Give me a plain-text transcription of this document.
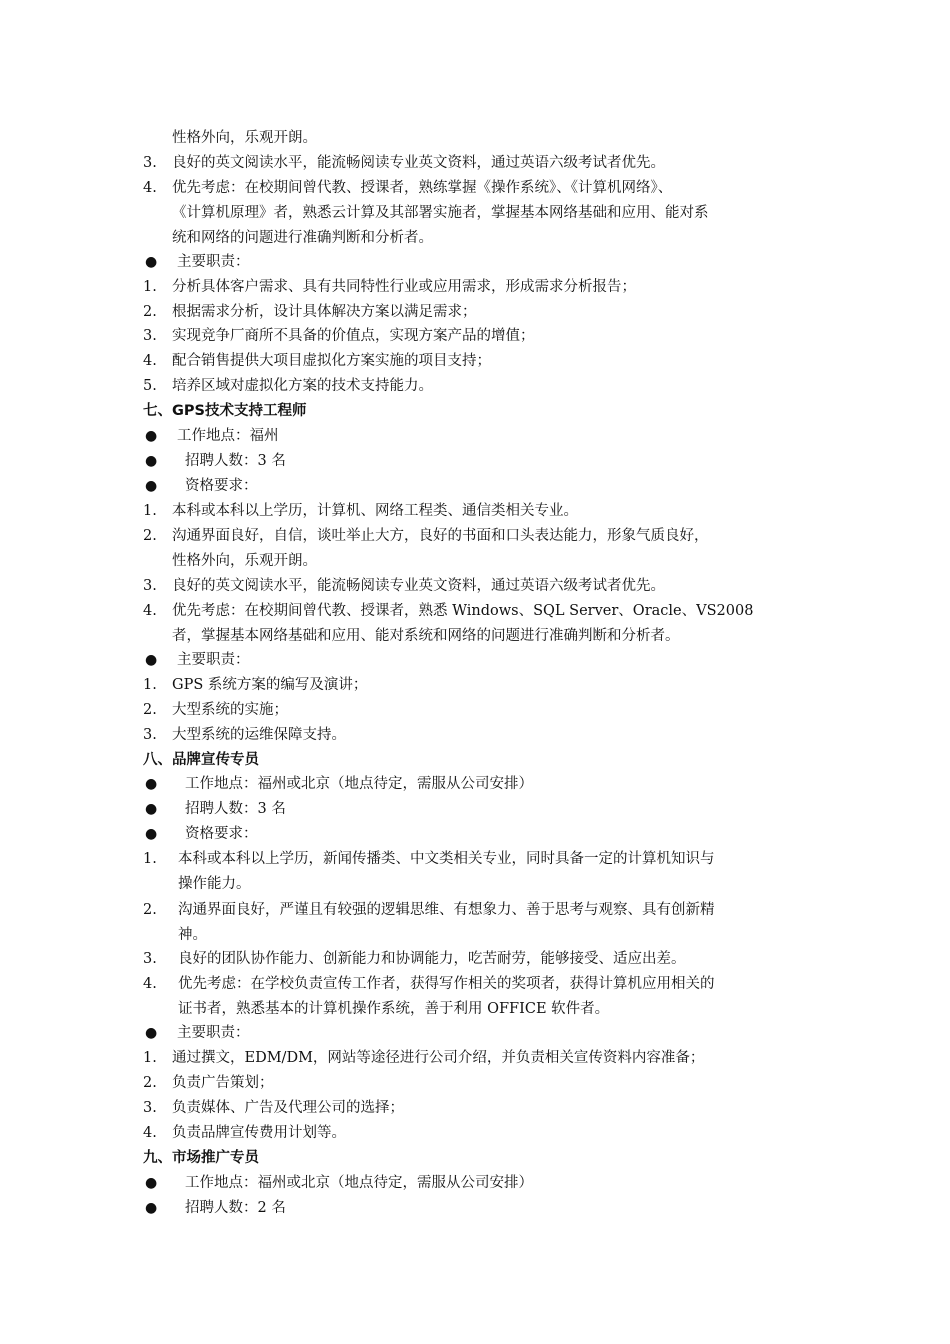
性格外向，乐观开朗。
3. 良好的英文阅读水平，能流畅阅读专业英文资料，通过英语六级考试者优先。
4. 优先考虑：在校期间曾代教、授课者，熟练掌握《操作系统》、《计算机网络》、
《计算机原理》者，熟悉云计算及其部署实施者，掌握基本网络基础和应用、能对系
统和网络的问题进行准确判断和分析者。
● 主要职责：
1. 分析具体客户需求、具有共同特性行业或应用需求，形成需求分析报告；
2. 根据需求分析，设计具体解决方案以满足需求；
3. 实现竞争厂商所不具备的价值点，实现方案产品的增值；
4. 配合销售提供大项目虚拟化方案实施的项目支持；
5. 培养区域对虚拟化方案的技术支持能力。
七、GPS技术支持工程师
● 工作地点：福州
● 招聘人数：3 名
● 资格要求：
1. 本科或本科以上学历，计算机、网络工程类、通信类相关专业。
2. 沟通界面良好，自信，谈吐举止大方，良好的书面和口头表达能力，形象气质良好，
性格外向，乐观开朗。
3. 良好的英文阅读水平，能流畅阅读专业英文资料，通过英语六级考试者优先。
4. 优先考虑：在校期间曾代教、授课者，熟悉 Windows、SQL Server、Oracle、VS2008
者，掌握基本网络基础和应用、能对系统和网络的问题进行准确判断和分析者。
● 主要职责：
1. GPS 系统方案的编写及演讲；
2. 大型系统的实施；
3. 大型系统的运维保障支持。
八、品牌宣传专员
● 工作地点：福州或北京（地点待定，需服从公司安排）
● 招聘人数：3 名
● 资格要求：
1. 本科或本科以上学历，新闻传播类、中文类相关专业，同时具备一定的计算机知识与
操作能力。
2. 沟通界面良好，严谨且有较强的逻辑思维、有想象力、善于思考与观察、具有创新精
神。
3. 良好的团队协作能力、创新能力和协调能力，吃苦耐劳，能够接受、适应出差。
4. 优先考虑：在学校负责宣传工作者，获得写作相关的奖项者，获得计算机应用相关的
证书者，熟悉基本的计算机操作系统，善于利用 OFFICE 软件者。
● 主要职责：
1. 通过撰文，EDM/DM，网站等途径进行公司介绍，并负责相关宣传资料内容准备；
2. 负责广告策划；
3. 负责媒体、广告及代理公司的选择；
4. 负责品牌宣传费用计划等。
九、市场推广专员
● 工作地点：福州或北京（地点待定，需服从公司安排）
● 招聘人数：2 名
